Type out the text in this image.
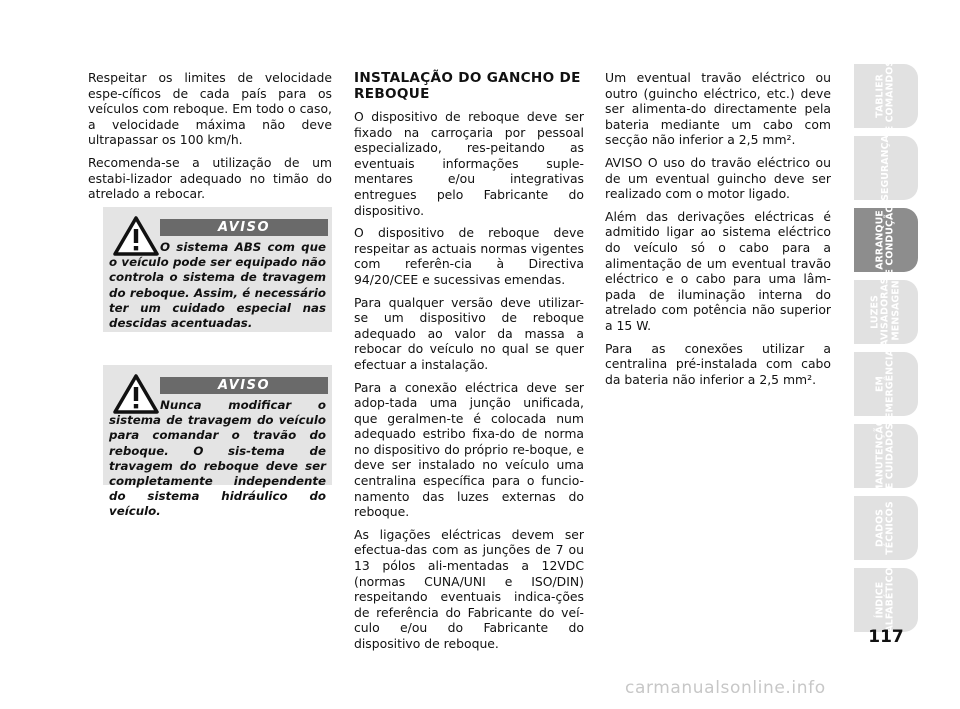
Respeitar os limites de velocidade espe-cíficos de cada país para os veículos com reboque. Em todo o caso, a velocidade máxima não deve ultrapassar os 100 km/h.

Recomenda-se a utilização de um estabi-lizador adequado no timão do atrelado a rebocar.

AVISO
O sistema ABS com que o veículo pode ser equipado não controla o sistema de travagem do reboque. Assim, é necessário ter um cuidado especial nas descidas acentuadas.
AVISO
Nunca modificar o sistema de travagem do veículo para comandar o travão do reboque. O sis-tema de travagem do reboque deve ser completamente independente do sistema hidráulico do veículo.
INSTALAÇÃO DO GANCHO DE REBOQUE

O dispositivo de reboque deve ser fixado na carroçaria por pessoal especializado, res-peitando as eventuais informações suple-mentares e/ou integrativas entregues pelo Fabricante do dispositivo.

O dispositivo de reboque deve respeitar as actuais normas vigentes com referên-cia à Directiva 94/20/CEE e sucessivas emendas.

Para qualquer versão deve utilizar-se um dispositivo de reboque adequado ao valor da massa a rebocar do veículo no qual se quer efectuar a instalação.

Para a conexão eléctrica deve ser adop-tada uma junção unificada, que geralmen-te é colocada num adequado estribo fixa-do de norma no dispositivo do próprio re-boque, e deve ser instalado no veículo uma centralina específica para o funcio-namento das luzes externas do reboque.

As ligações eléctricas devem ser efectua-das com as junções de 7 ou 13 pólos ali-mentadas a 12VDC (normas CUNA/UNI e ISO/DIN) respeitando eventuais indica-ções de referência do Fabricante do veí-culo e/ou do Fabricante do dispositivo de reboque.

Um eventual travão eléctrico ou outro (guincho eléctrico, etc.) deve ser alimenta-do directamente pela bateria mediante um cabo com secção não inferior a 2,5 mm².

AVISO O uso do travão eléctrico ou de um eventual guincho deve ser realizado com o motor ligado.

Além das derivações eléctricas é admitido ligar ao sistema eléctrico do veículo só o cabo para a alimentação de um eventual travão eléctrico e o cabo para uma lâm-pada de iluminação interna do atrelado com potência não superior a 15 W.

Para as conexões utilizar a centralina pré-instalada com cabo da bateria não inferior a 2,5 mm².

TABLIER
E COMANDOS
SEGURANÇA
ARRANQUE
E CONDUÇÃO
LUZES
AVISADORAS
E MENSAGENS
EM
EMERGÊNCIA
MANUTENÇÃO
E CUIDADOS
DADOS
TÉCNICOS
ÍNDICE
ALFABÉTICO
117
carmanualsonline.info
